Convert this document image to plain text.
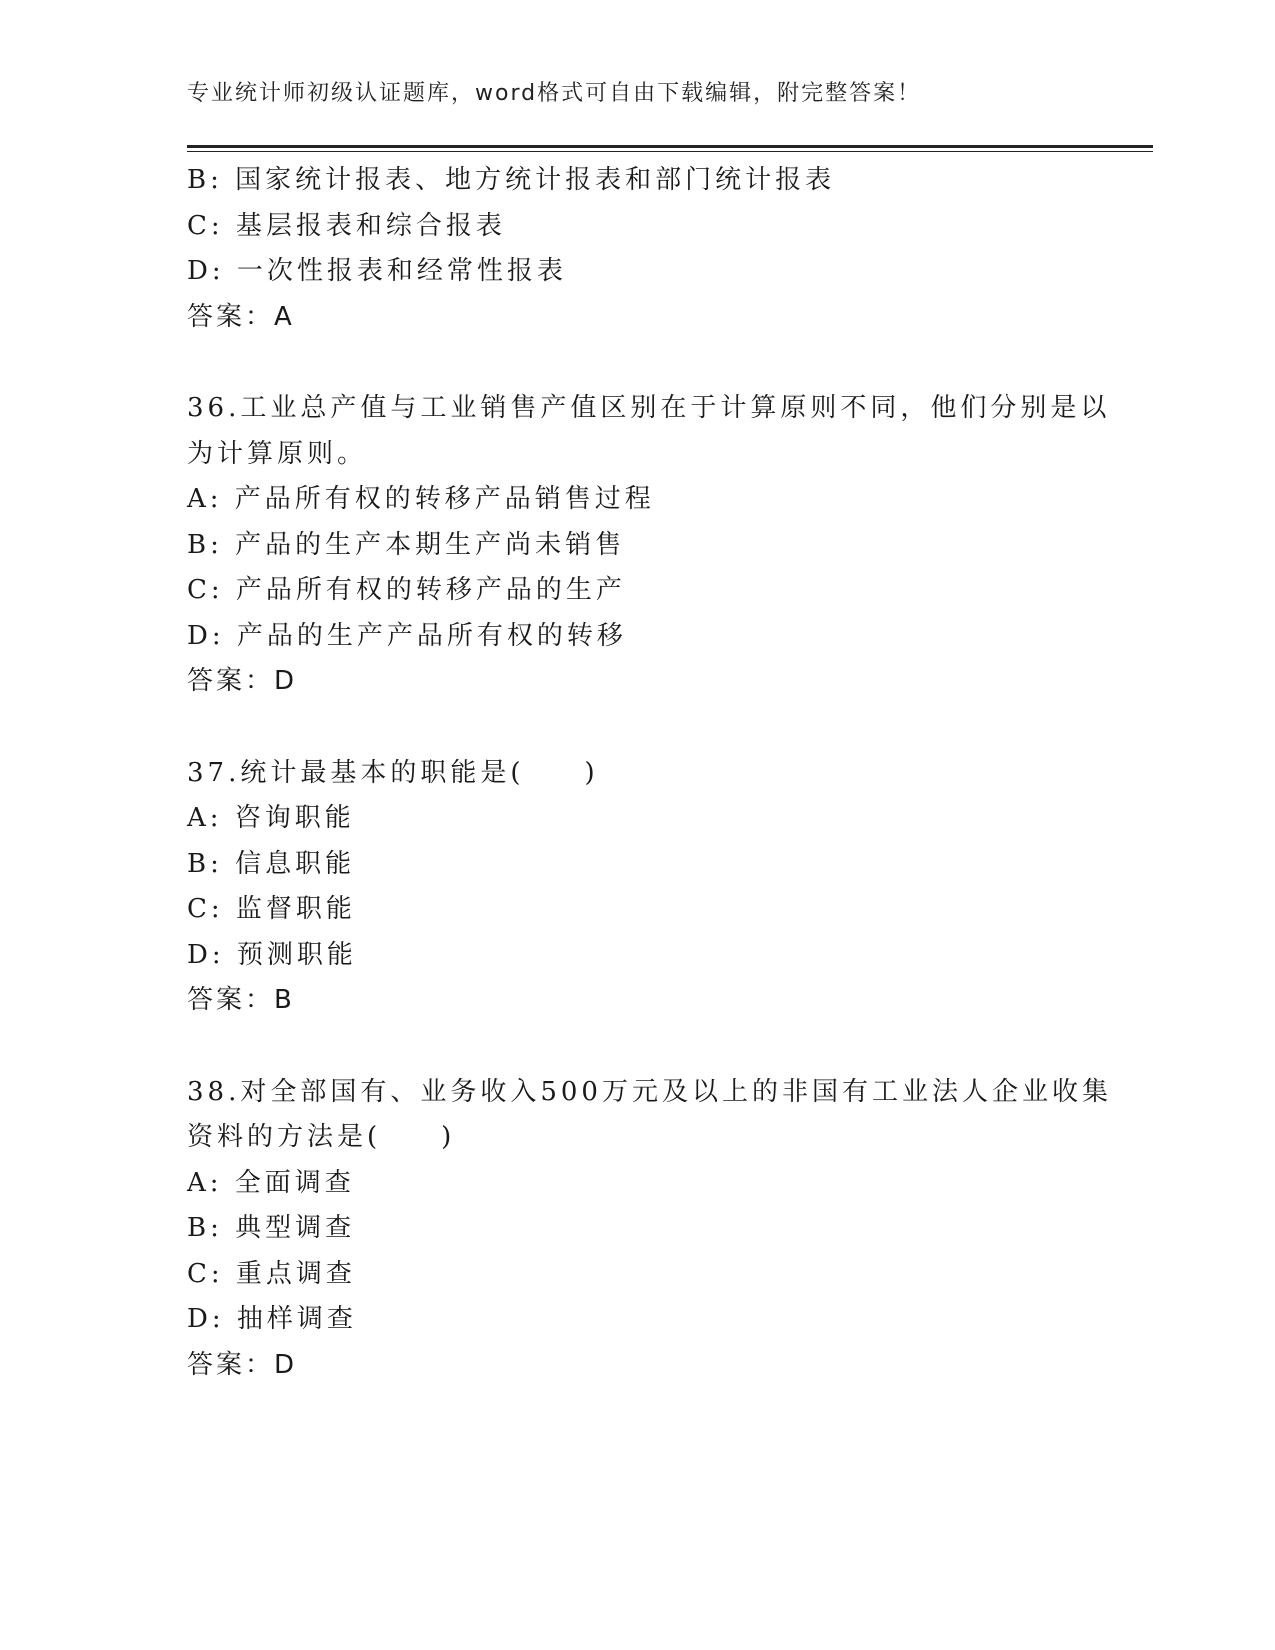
专业统计师初级认证题库，word格式可自由下载编辑，附完整答案！
B: 国家统计报表、地方统计报表和部门统计报表
C: 基层报表和综合报表
D: 一次性报表和经常性报表
答案：A
36.工业总产值与工业销售产值区别在于计算原则不同，他们分别是以
为计算原则。
A: 产品所有权的转移产品销售过程
B: 产品的生产本期生产尚未销售
C: 产品所有权的转移产品的生产
D: 产品的生产产品所有权的转移
答案：D
37.统计最基本的职能是(　　)
A: 咨询职能
B: 信息职能
C: 监督职能
D: 预测职能
答案：B
38.对全部国有、业务收入500万元及以上的非国有工业法人企业收集
资料的方法是(　　)
A: 全面调查
B: 典型调查
C: 重点调查
D: 抽样调查
答案：D
